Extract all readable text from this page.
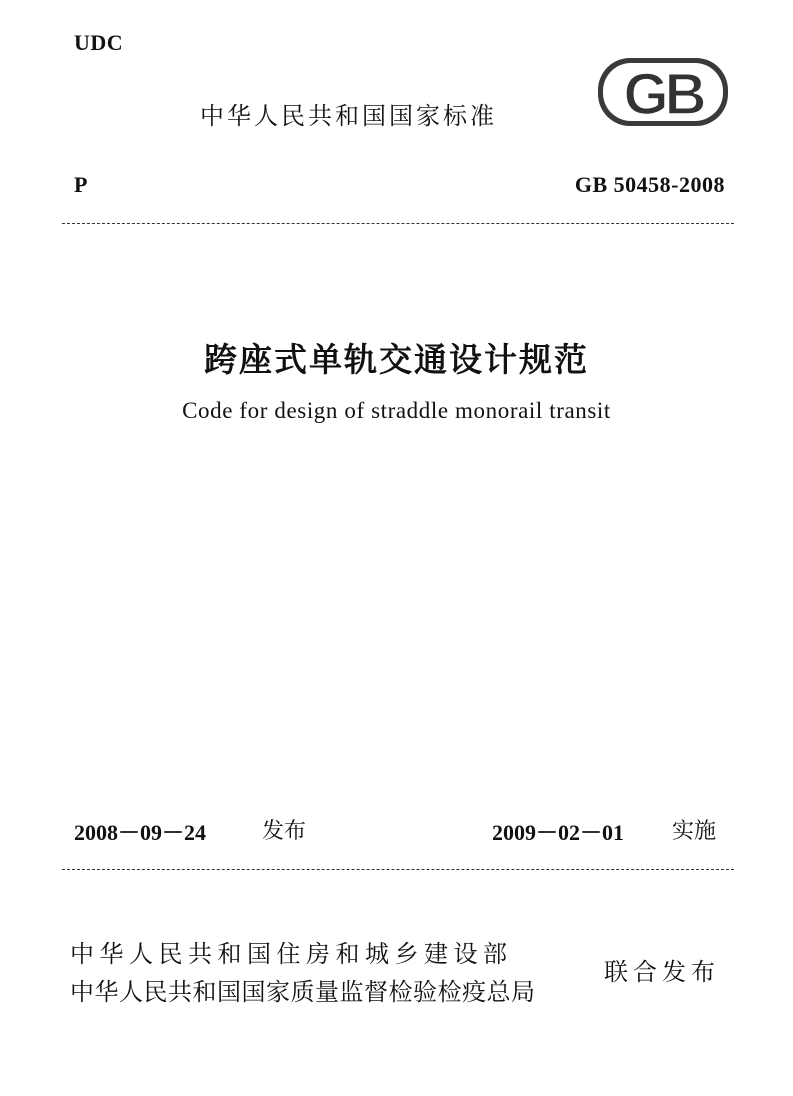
UDC
中华人民共和国国家标准 GB
P	GB 50458-2008
跨座式单轨交通设计规范
Code for design of straddle monorail transit
2008－09－24	发布	2009－02－01 实施
中华人民共和国住房和城乡建设部
中华人民共和国国家质量监督检验检疫总局
联合发布
